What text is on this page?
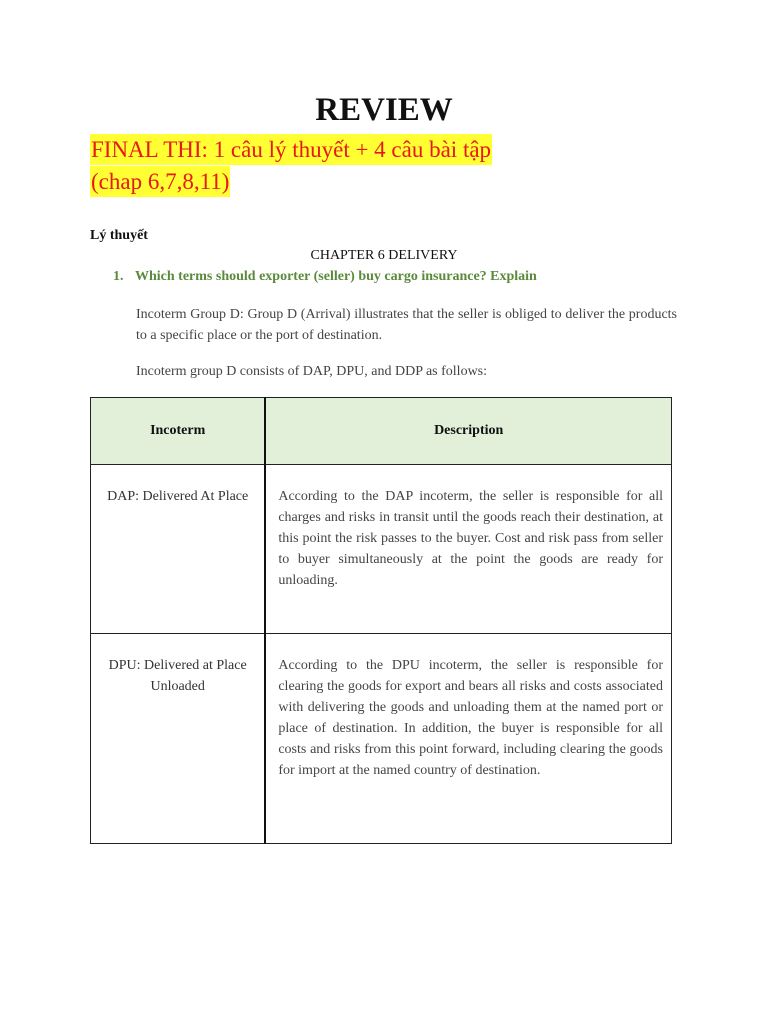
REVIEW
FINAL THI: 1 câu lý thuyết + 4 câu bài tập
(chap 6,7,8,11)
Lý thuyết
CHAPTER 6 DELIVERY
1. Which terms should exporter (seller) buy cargo insurance? Explain

Incoterm Group D: Group D (Arrival) illustrates that the seller is obliged to deliver the products to a specific place or the port of destination.

Incoterm group D consists of DAP, DPU, and DDP as follows:

Incoterm	Description
DAP: Delivered At Place	According to the DAP incoterm, the seller is responsible for all charges and risks in transit until the goods reach their destination, at this point the risk passes to the buyer. Cost and risk pass from seller to buyer simultaneously at the point the goods are ready for unloading.
DPU: Delivered at Place Unloaded	According to the DPU incoterm, the seller is responsible for clearing the goods for export and bears all risks and costs associated with delivering the goods and unloading them at the named port or place of destination. In addition, the buyer is responsible for all costs and risks from this point forward, including clearing the goods for import at the named country of destination.
